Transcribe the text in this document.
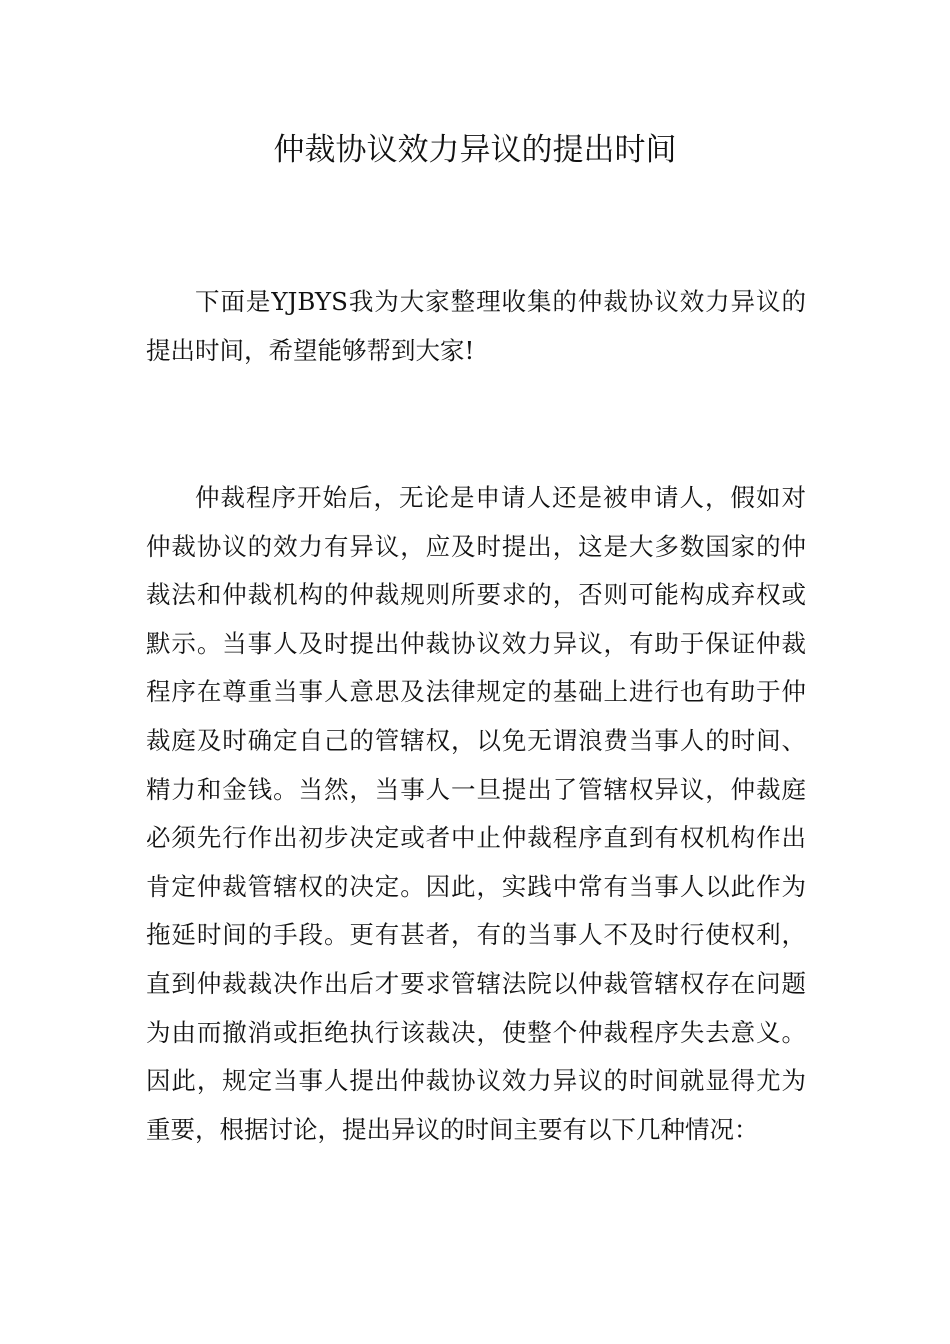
仲裁协议效力异议的提出时间

下面是YJBYS我为大家整理收集的仲裁协议效力异议的提出时间，希望能够帮到大家!

仲裁程序开始后，无论是申请人还是被申请人，假如对仲裁协议的效力有异议，应及时提出，这是大多数国家的仲裁法和仲裁机构的仲裁规则所要求的，否则可能构成弃权或默示。当事人及时提出仲裁协议效力异议，有助于保证仲裁程序在尊重当事人意思及法律规定的基础上进行也有助于仲裁庭及时确定自己的管辖权，以免无谓浪费当事人的时间、精力和金钱。当然，当事人一旦提出了管辖权异议，仲裁庭必须先行作出初步决定或者中止仲裁程序直到有权机构作出肯定仲裁管辖权的决定。因此，实践中常有当事人以此作为拖延时间的手段。更有甚者，有的当事人不及时行使权利，直到仲裁裁决作出后才要求管辖法院以仲裁管辖权存在问题为由而撤消或拒绝执行该裁决，使整个仲裁程序失去意义。因此，规定当事人提出仲裁协议效力异议的时间就显得尤为重要，根据讨论，提出异议的时间主要有以下几种情况：
